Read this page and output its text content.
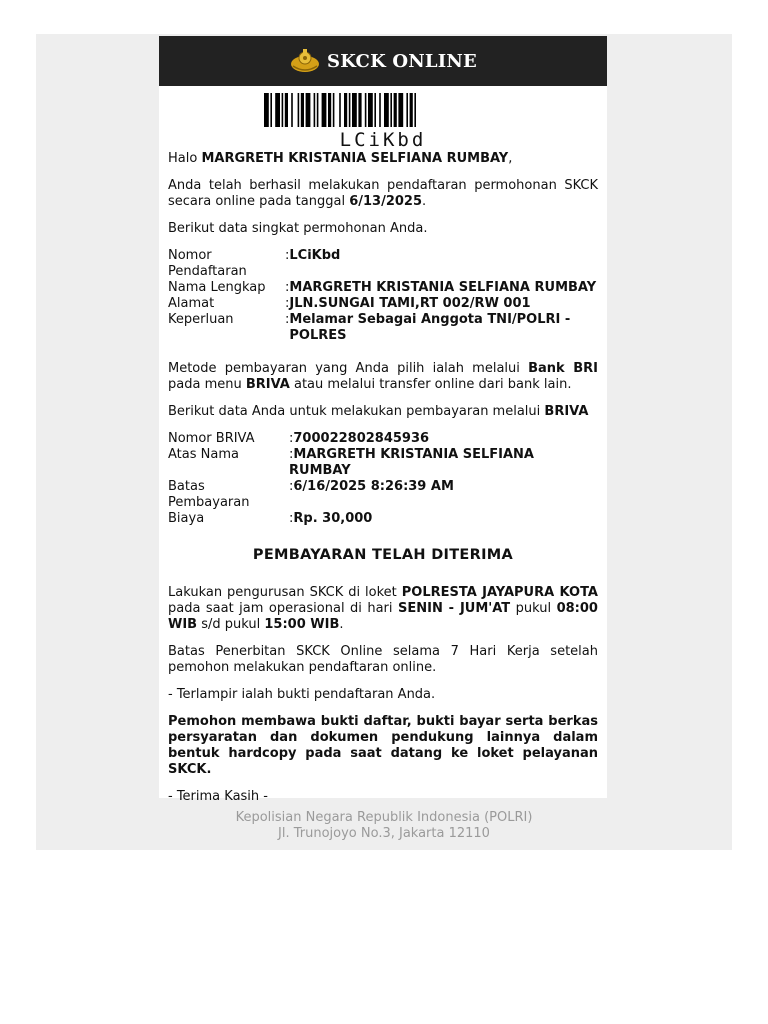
SKCK ONLINE
LCiKbd

Halo MARGRETH KRISTANIA SELFIANA RUMBAY,

Anda telah berhasil melakukan pendaftaran permohonan SKCK secara online pada tanggal 6/13/2025.

Berikut data singkat permohonan Anda.

Nomor Pendaftaran
:LCiKbd
Nama Lengkap	:MARGRETH KRISTANIA SELFIANA RUMBAY
Alamat	:JLN.SUNGAI TAMI,RT 002/RW 001
Keperluan	: Melamar Sebagai Anggota TNI/POLRI - POLRES

Metode pembayaran yang Anda pilih ialah melalui Bank BRI pada menu BRIVA atau melalui transfer online dari bank lain.

Berikut data Anda untuk melakukan pembayaran melalui BRIVA

Nomor BRIVA	:700022802845936
Atas Nama	:MARGRETH KRISTANIA SELFIANA RUMBAY
Batas Pembayaran
:6/16/2025 8:26:39 AM
Biaya	:Rp. 30,000
PEMBAYARAN TELAH DITERIMA

Lakukan pengurusan SKCK di loket POLRESTA JAYAPURA KOTA pada saat jam operasional di hari SENIN - JUM'AT pukul 08:00 WIB s/d pukul 15:00 WIB.

Batas Penerbitan SKCK Online selama 7 Hari Kerja setelah pemohon melakukan pendaftaran online.

- Terlampir ialah bukti pendaftaran Anda.

Pemohon membawa bukti daftar, bukti bayar serta berkas persyaratan dan dokumen pendukung lainnya dalam bentuk hardcopy pada saat datang ke loket pelayanan SKCK.

- Terima Kasih -

Kepolisian Negara Republik Indonesia (POLRI)
Jl. Trunojoyo No.3, Jakarta 12110
